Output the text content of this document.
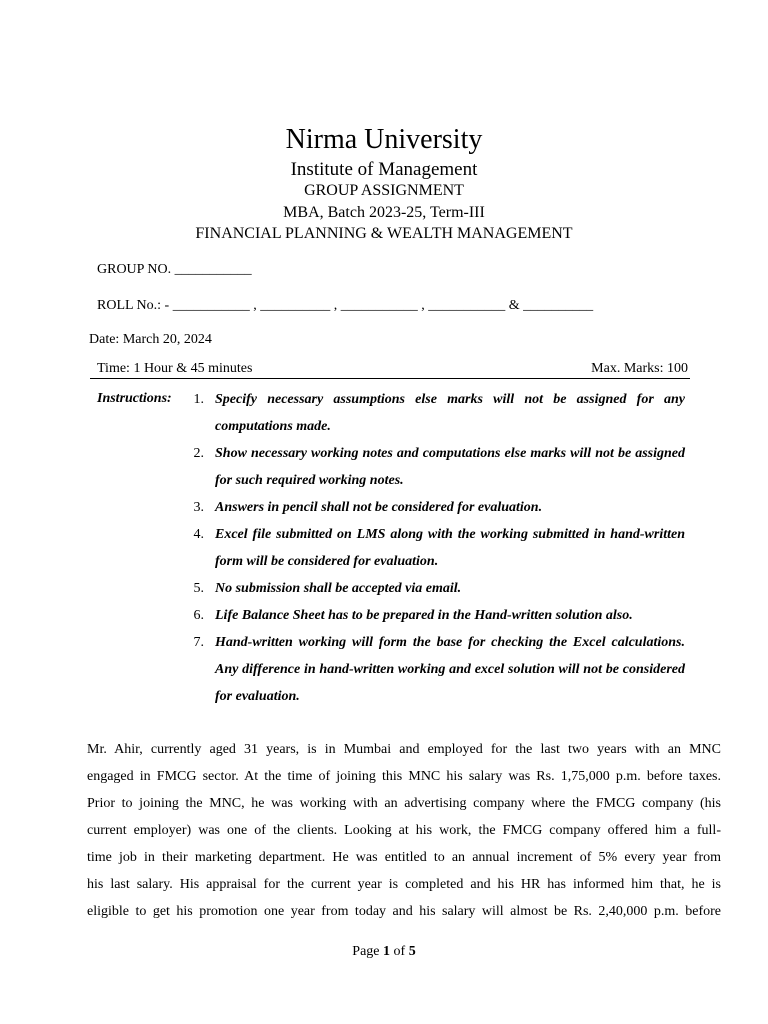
Nirma University
Institute of Management
GROUP ASSIGNMENT
MBA, Batch 2023-25, Term-III
FINANCIAL PLANNING & WEALTH MANAGEMENT
GROUP NO. ___________
ROLL No.: - ___________ , __________ , ___________ , ___________ & __________
Date: March 20, 2024
Time: 1 Hour & 45 minutes	Max. Marks: 100
Instructions:	1. Specify necessary assumptions else marks will not be assigned for any computations made.
2. Show necessary working notes and computations else marks will not be assigned for such required working notes.
3. Answers in pencil shall not be considered for evaluation.
4. Excel file submitted on LMS along with the working submitted in hand-written form will be considered for evaluation.
5. No submission shall be accepted via email.
6. Life Balance Sheet has to be prepared in the Hand-written solution also.
7. Hand-written working will form the base for checking the Excel calculations. Any difference in hand-written working and excel solution will not be considered for evaluation.
Mr. Ahir, currently aged 31 years, is in Mumbai and employed for the last two years with an MNC
engaged in FMCG sector. At the time of joining this MNC his salary was Rs. 1,75,000 p.m. before taxes.
Prior to joining the MNC, he was working with an advertising company where the FMCG company (his
current employer) was one of the clients. Looking at his work, the FMCG company offered him a full-
time job in their marketing department. He was entitled to an annual increment of 5% every year from
his last salary. His appraisal for the current year is completed and his HR has informed him that, he is
eligible to get his promotion one year from today and his salary will almost be Rs. 2,40,000 p.m. before
Page 1 of 5
